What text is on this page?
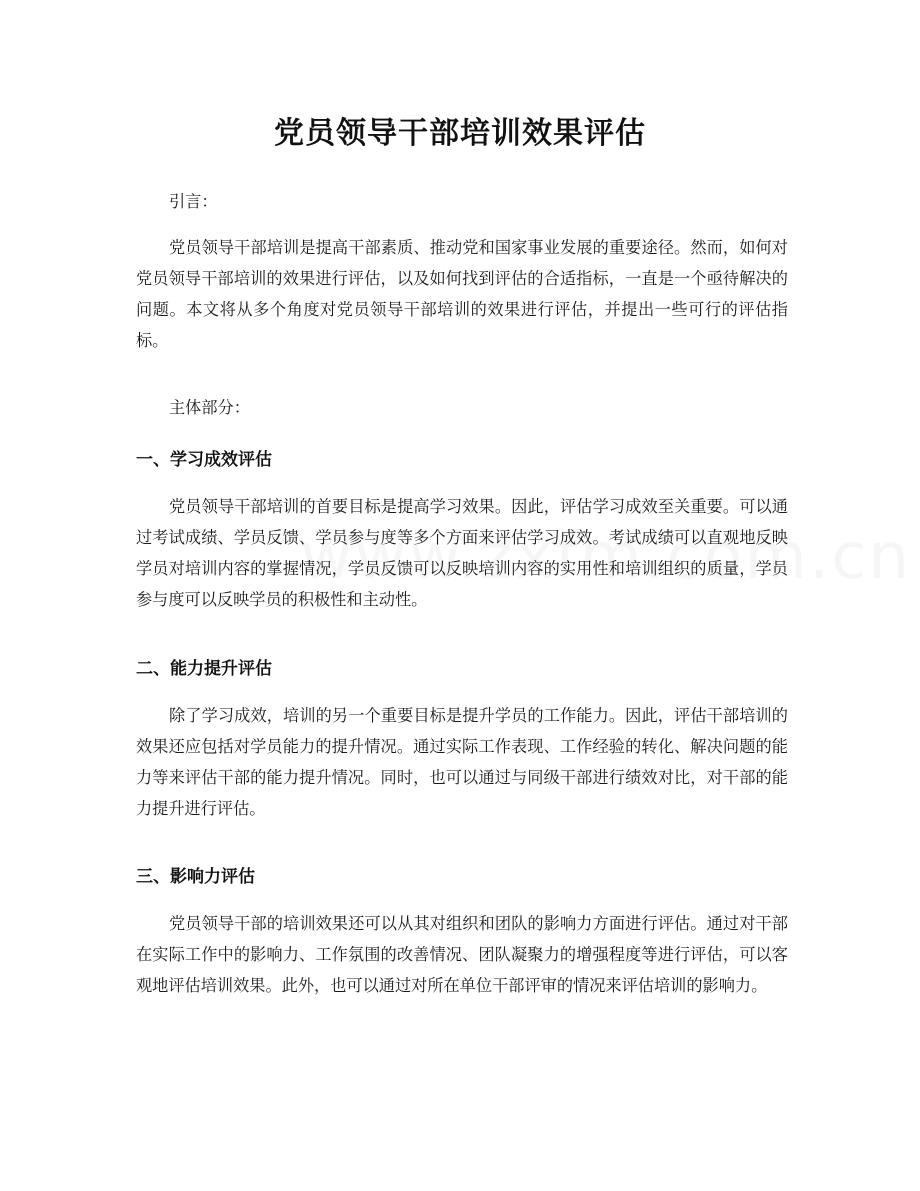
党员领导干部培训效果评估
引言：
党员领导干部培训是提高干部素质、推动党和国家事业发展的重要途径。然而，如何对党员领导干部培训的效果进行评估，以及如何找到评估的合适指标，一直是一个亟待解决的问题。本文将从多个角度对党员领导干部培训的效果进行评估，并提出一些可行的评估指标。
主体部分：
一、学习成效评估
党员领导干部培训的首要目标是提高学习效果。因此，评估学习成效至关重要。可以通过考试成绩、学员反馈、学员参与度等多个方面来评估学习成效。考试成绩可以直观地反映学员对培训内容的掌握情况，学员反馈可以反映培训内容的实用性和培训组织的质量，学员参与度可以反映学员的积极性和主动性。
二、能力提升评估
除了学习成效，培训的另一个重要目标是提升学员的工作能力。因此，评估干部培训的效果还应包括对学员能力的提升情况。通过实际工作表现、工作经验的转化、解决问题的能力等来评估干部的能力提升情况。同时，也可以通过与同级干部进行绩效对比，对干部的能力提升进行评估。
三、影响力评估
党员领导干部的培训效果还可以从其对组织和团队的影响力方面进行评估。通过对干部在实际工作中的影响力、工作氛围的改善情况、团队凝聚力的增强程度等进行评估，可以客观地评估培训效果。此外，也可以通过对所在单位干部评审的情况来评估培训的影响力。
